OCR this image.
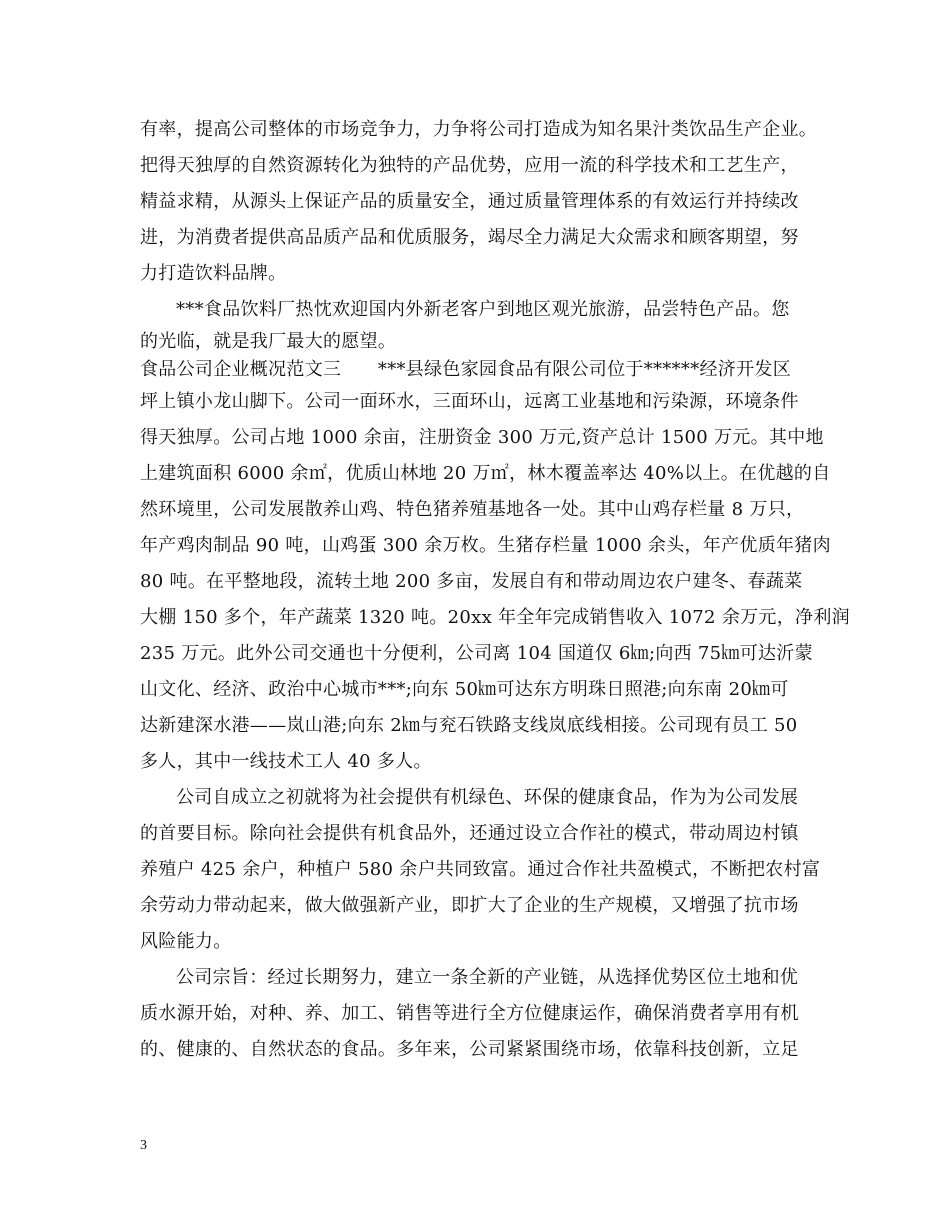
有率，提高公司整体的市场竞争力，力争将公司打造成为知名果汁类饮品生产企业。
把得天独厚的自然资源转化为独特的产品优势，应用一流的科学技术和工艺生产，
精益求精，从源头上保证产品的质量安全，通过质量管理体系的有效运行并持续改
进，为消费者提供高品质产品和优质服务，竭尽全力满足大众需求和顾客期望，努
力打造饮料品牌。
***食品饮料厂热忱欢迎国内外新老客户到地区观光旅游，品尝特色产品。您
的光临，就是我厂最大的愿望。
食品公司企业概况范文三　　***县绿色家园食品有限公司位于******经济开发区
坪上镇小龙山脚下。公司一面环水，三面环山，远离工业基地和污染源，环境条件
得天独厚。公司占地 1000 余亩，注册资金 300 万元,资产总计 1500 万元。其中地
上建筑面积 6000 余㎡，优质山林地 20 万㎡，林木覆盖率达 40%以上。在优越的自
然环境里，公司发展散养山鸡、特色猪养殖基地各一处。其中山鸡存栏量 8 万只，
年产鸡肉制品 90 吨，山鸡蛋 300 余万枚。生猪存栏量 1000 余头，年产优质年猪肉
80 吨。在平整地段，流转土地 200 多亩，发展自有和带动周边农户建冬、春蔬菜
大棚 150 多个，年产蔬菜 1320 吨。20xx 年全年完成销售收入 1072 余万元，净利润
235 万元。此外公司交通也十分便利，公司离 104 国道仅 6㎞;向西 75㎞可达沂蒙
山文化、经济、政治中心城市***;向东 50㎞可达东方明珠日照港;向东南 20㎞可
达新建深水港——岚山港;向东 2㎞与兖石铁路支线岚底线相接。公司现有员工 50
多人，其中一线技术工人 40 多人。
公司自成立之初就将为社会提供有机绿色、环保的健康食品，作为为公司发展
的首要目标。除向社会提供有机食品外，还通过设立合作社的模式，带动周边村镇
养殖户 425 余户，种植户 580 余户共同致富。通过合作社共盈模式，不断把农村富
余劳动力带动起来，做大做强新产业，即扩大了企业的生产规模，又增强了抗市场
风险能力。
公司宗旨：经过长期努力，建立一条全新的产业链，从选择优势区位土地和优
质水源开始，对种、养、加工、销售等进行全方位健康运作，确保消费者享用有机
的、健康的、自然状态的食品。多年来，公司紧紧围绕市场，依靠科技创新，立足
3
